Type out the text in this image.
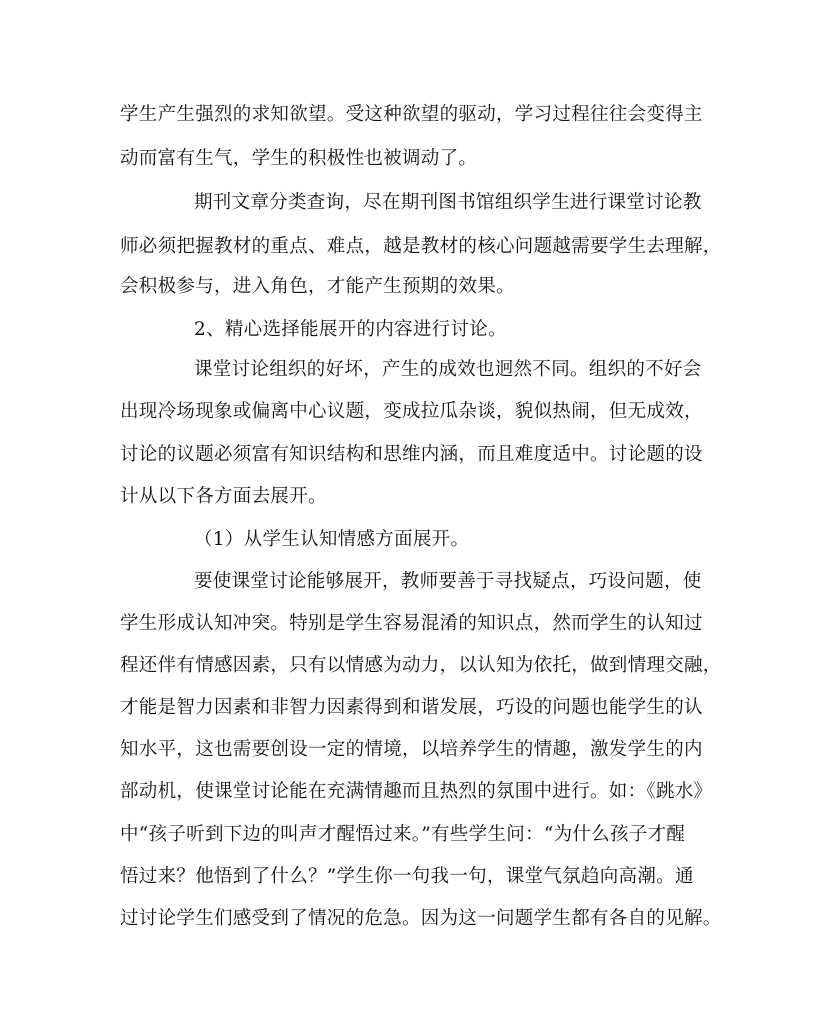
学生产生强烈的求知欲望。受这种欲望的驱动，学习过程往往会变得主
动而富有生气，学生的积极性也被调动了。
期刊文章分类查询，尽在期刊图书馆组织学生进行课堂讨论教
师必须把握教材的重点、难点，越是教材的核心问题越需要学生去理解，
会积极参与，进入角色，才能产生预期的效果。
2、精心选择能展开的内容进行讨论。
课堂讨论组织的好坏，产生的成效也迥然不同。组织的不好会
出现冷场现象或偏离中心议题，变成拉瓜杂谈，貌似热闹，但无成效，
讨论的议题必须富有知识结构和思维内涵，而且难度适中。讨论题的设
计从以下各方面去展开。
（1）从学生认知情感方面展开。
要使课堂讨论能够展开，教师要善于寻找疑点，巧设问题，使
学生形成认知冲突。特别是学生容易混淆的知识点，然而学生的认知过
程还伴有情感因素，只有以情感为动力，以认知为依托，做到情理交融，
才能是智力因素和非智力因素得到和谐发展，巧设的问题也能学生的认
知水平，这也需要创设一定的情境，以培养学生的情趣，激发学生的内
部动机，使课堂讨论能在充满情趣而且热烈的氛围中进行。如：《跳水》
中“孩子听到下边的叫声才醒悟过来。”有些学生问：“为什么孩子才醒
悟过来？他悟到了什么？”学生你一句我一句，课堂气氛趋向高潮。通
过讨论学生们感受到了情况的危急。因为这一问题学生都有各自的见解。
